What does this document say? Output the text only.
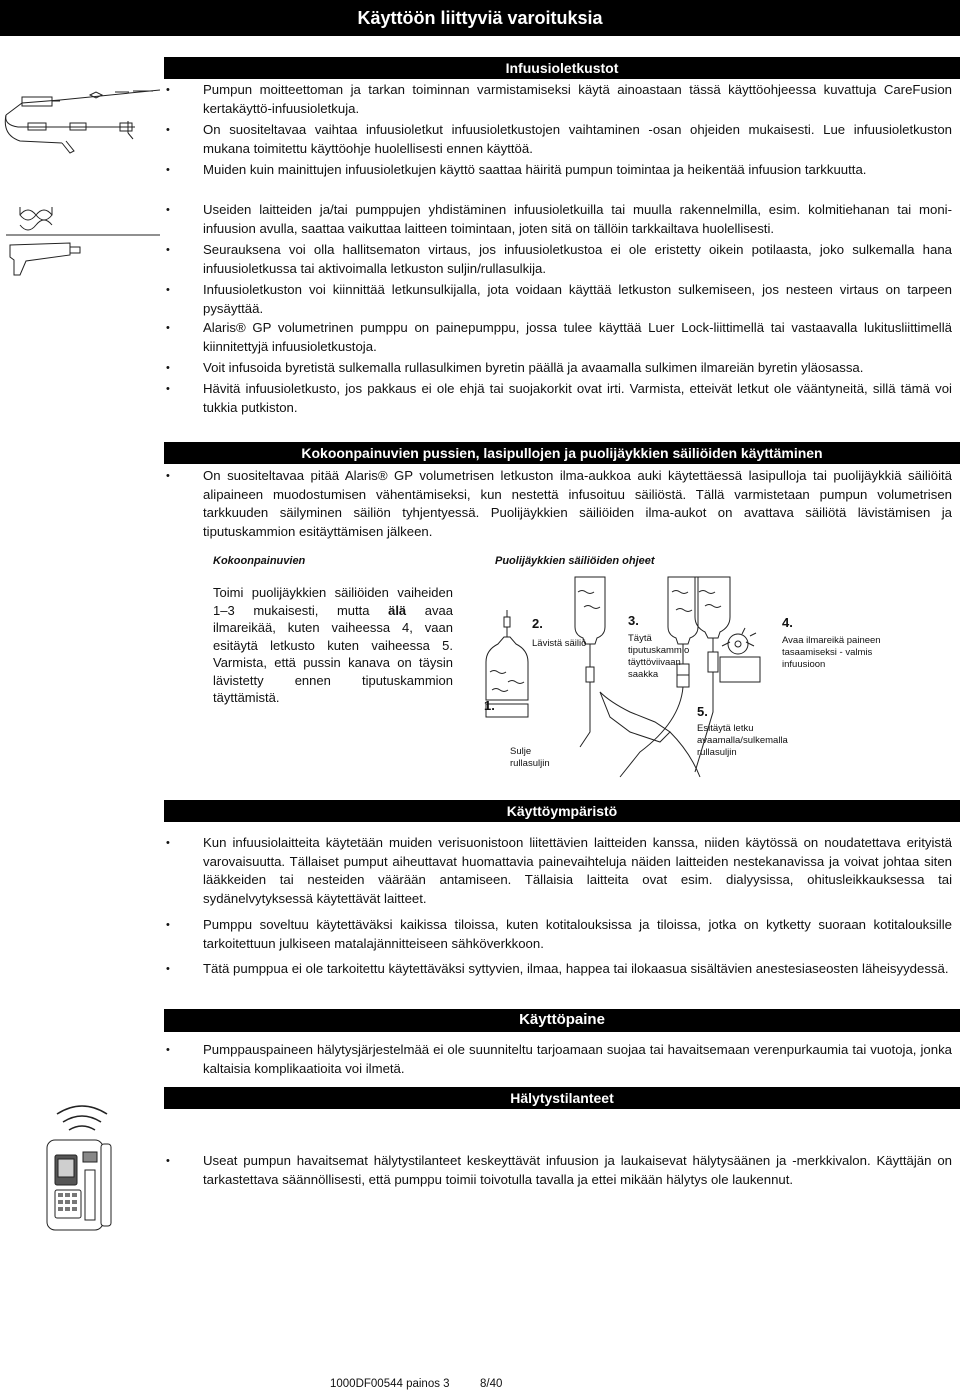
Käyttöön liittyviä varoituksia
Infuusioletkustot
•	Pumpun moitteettoman ja tarkan toiminnan varmistamiseksi käytä ainoastaan tässä käyttöohjeessa kuvattuja CareFusion kertakäyttö-infuusioletkuja.
•	On suositeltavaa vaihtaa infuusioletkut infuusioletkustojen vaihtaminen -osan ohjeiden mukaisesti. Lue infuusioletkuston mukana toimitettu käyttöohje huolellisesti ennen käyttöä.
•	Muiden kuin mainittujen infuusioletkujen käyttö saattaa häiritä pumpun toimintaa ja heikentää infuusion tarkkuutta.
•	Useiden laitteiden ja/tai pumppujen yhdistäminen infuusioletkuilla tai muulla rakennelmilla, esim. kolmitiehanan tai moni-infuusion avulla, saattaa vaikuttaa laitteen toimintaan, joten sitä on tällöin tarkkailtava huolellisesti.
•	Seurauksena voi olla hallitsematon virtaus, jos infuusioletkustoa ei ole eristetty oikein potilaasta, joko sulkemalla hana infuusioletkussa tai aktivoimalla letkuston suljin/rullasulkija.
•	Infuusioletkuston voi kiinnittää letkunsulkijalla, jota voidaan käyttää letkuston sulkemiseen, jos nesteen virtaus on tarpeen pysäyttää.
•	Alaris® GP volumetrinen pumppu on painepumppu, jossa tulee käyttää Luer Lock-liittimellä tai vastaavalla lukitusliittimellä kiinnitettyjä infuusioletkustoja.
•	Voit infusoida byretistä sulkemalla rullasulkimen byretin päällä ja avaamalla sulkimen ilmareiän byretin yläosassa.
•	Hävitä infuusioletkusto, jos pakkaus ei ole ehjä tai suojakorkit ovat irti. Varmista, etteivät letkut ole vääntyneitä, sillä tämä voi tukkia putkiston.
Kokoonpainuvien pussien, lasipullojen ja puolijäykkien säiliöiden käyttäminen
•	On suositeltavaa pitää Alaris® GP volumetrisen letkuston ilma-aukkoa auki käytettäessä lasipulloja tai puolijäykkiä säiliöitä alipaineen muodostumisen vähentämiseksi, kun nestettä infusoituu säiliöstä. Tällä varmistetaan pumpun volumetrisen tarkkuuden säilyminen säiliön tyhjentyessä. Puolijäykkien säiliöiden ilma-aukot on avattava säiliötä lävistämisen ja tiputuskammion esitäyttämisen jälkeen.
Kokoonpainuvien
Toimi puolijäykkien säiliöiden vaiheiden 1–3 mukaisesti, mutta älä avaa ilmareikää, kuten vaiheessa 4, vaan esitäytä letkusto kuten vaiheessa 5. Varmista, että pussin kanava on täysin lävistetty ennen tiputuskammion täyttämistä.
Puolijäykkien säiliöiden ohjeet
1.
Sulje rullasuljin
2.
Lävistä säiliö
3.
Täytä tiputuskammio täyttöviivaan saakka
4.
Avaa ilmareikä paineen tasaamiseksi - valmis infuusioon
5.
Esitäytä letku avaamalla/sulkemalla rullasuljin
Käyttöympäristö
•	Kun infuusiolaitteita käytetään muiden verisuonistoon liitettävien laitteiden kanssa, niiden käytössä on noudatettava erityistä varovaisuutta. Tällaiset pumput aiheuttavat huomattavia painevaihteluja näiden laitteiden nestekanavissa ja voivat johtaa siten lääkkeiden tai nesteiden väärään antamiseen. Tällaisia laitteita ovat esim. dialyysissa, ohitusleikkauksessa tai sydänelvytyksessä käytettävät laitteet.
•	Pumppu soveltuu käytettäväksi kaikissa tiloissa, kuten kotitalouksissa ja tiloissa, jotka on kytketty suoraan kotitalouksille tarkoitettuun julkiseen matalajännitteiseen sähköverkkoon.
•	Tätä pumppua ei ole tarkoitettu käytettäväksi syttyvien, ilmaa, happea tai ilokaasua sisältävien anestesiaseosten läheisyydessä.
Käyttöpaine
•	Pumppauspaineen hälytysjärjestelmää ei ole suunniteltu tarjoamaan suojaa tai havaitsemaan verenpurkaumia tai vuotoja, jonka kaltaisia komplikaatioita voi ilmetä.
Hälytystilanteet
•	Useat pumpun havaitsemat hälytystilanteet keskeyttävät infuusion ja laukaisevat hälytysäänen ja -merkkivalon. Käyttäjän on tarkastettava säännöllisesti, että pumppu toimii toivotulla tavalla ja ettei mikään hälytys ole laukennut.
1000DF00544 painos 3	8/40
